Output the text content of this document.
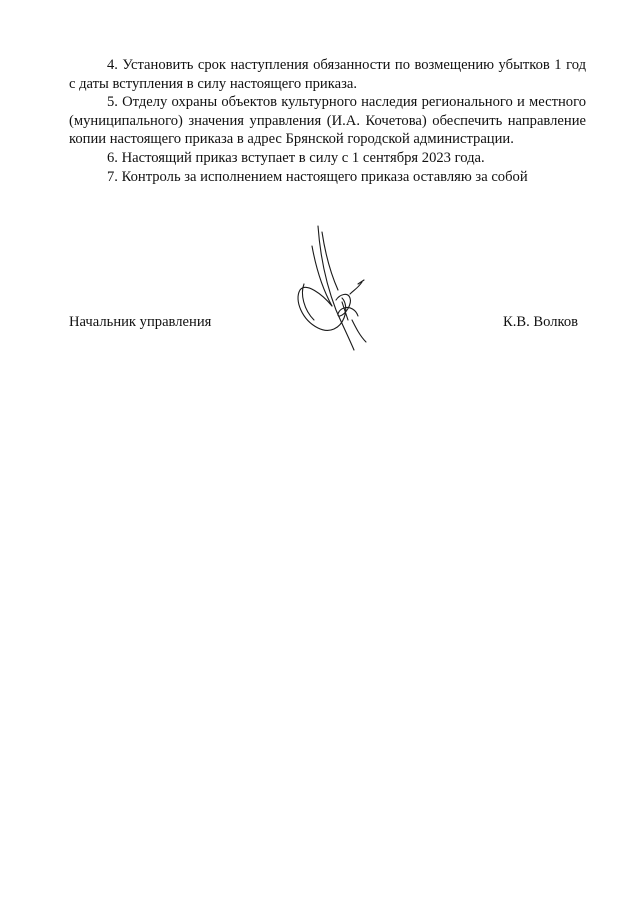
4. Установить срок наступления обязанности по возмещению убытков 1 год с даты вступления в силу настоящего приказа.

5. Отделу охраны объектов культурного наследия регионального и местного (муниципального) значения управления (И.А. Кочетова) обеспечить направление копии настоящего приказа в адрес Брянской городской администрации.

6. Настоящий приказ вступает в силу с 1 сентября 2023 года.

7. Контроль за исполнением настоящего приказа оставляю за собой

Начальник управления	К.В. Волков
